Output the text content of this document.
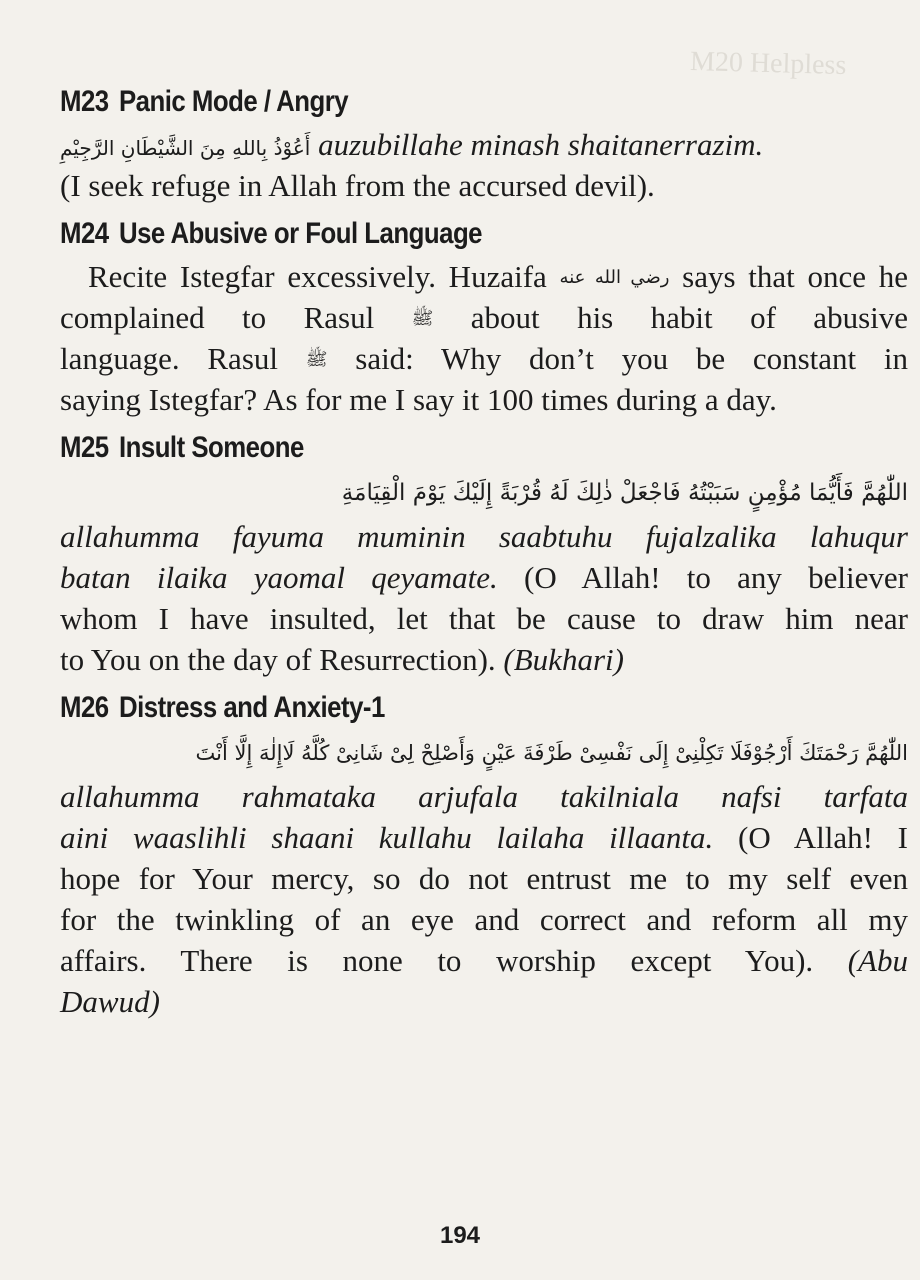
M20 Helpless
M23 Panic Mode / Angry
أَعُوْذُ بِاللهِ مِنَ الشَّيْطَانِ الرَّجِيْمِ auzubillahe minash shaitanerrazim.
(I seek refuge in Allah from the accursed devil).
M24 Use Abusive or Foul Language
Recite Istegfar excessively. Huzaifa رضي الله عنه says that once he
complained to Rasul ﷺ about his habit of abusive
language. Rasul ﷺ said: Why don’t you be constant in
saying Istegfar? As for me I say it 100 times during a day.
M25 Insult Someone
اللّٰهُمَّ فَأَيُّمَا مُؤْمِنٍ سَبَبْتُهُ فَاجْعَلْ ذٰلِكَ لَهُ قُرْبَةً إِلَيْكَ يَوْمَ الْقِيَامَةِ
allahumma fayuma muminin saabtuhu fujalzalika lahuqur
batan ilaika yaomal qeyamate. (O Allah! to any believer
whom I have insulted, let that be cause to draw him near
to You on the day of Resurrection). (Bukhari)
M26 Distress and Anxiety-1
اللّٰهُمَّ رَحْمَتَكَ أَرْجُوْفَلَا تَكِلْنِىْ إِلَى نَفْسِىْ طَرْفَةَ عَيْنٍ وَأَصْلِحْ لِىْ شَانِىْ كُلَّهُ لَاإِلٰهَ إِلَّا أَنْتَ
allahumma rahmataka arjufala takilniala nafsi tarfata
aini waaslihli shaani kullahu lailaha illaanta. (O Allah! I
hope for Your mercy, so do not entrust me to my self even
for the twinkling of an eye and correct and reform all my
affairs. There is none to worship except You). (Abu
Dawud)
194
